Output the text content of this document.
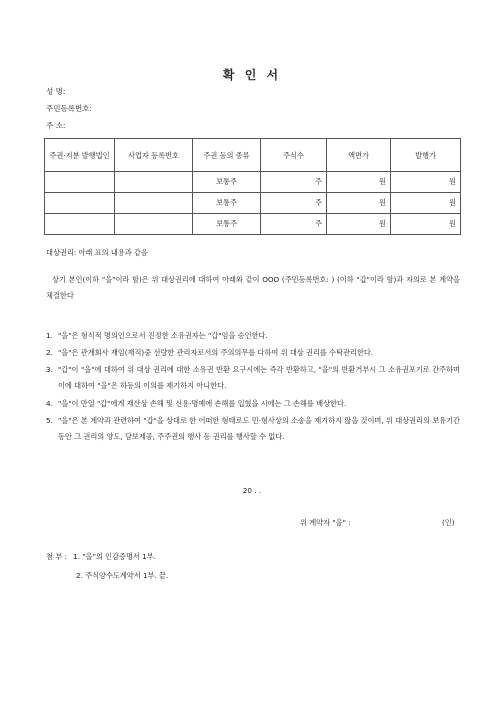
확 인 서
성 명:
주민등록번호:
주 소:
주권·지분 발행법인	사업자 등록번호	주권 등의 종류	주식수	액면가	발행가
		보통주	주	원	원
		보통주	주	원	원
		보통주	주	원	원
대상권리: 아래 표의 내용과 같음
상기 본인(이하 "을"이라 함)은 위 대상권리에 대하여 아래와 같이 OOO (주민등록번호: ) (이하 "갑"이라 함)과 자의로 본 계약을 체결한다
1. "을"은 형식적 명의인으로서 진정한 소유권자는 "갑"임을 승인한다.
2. "을"은 관계회사 재임(재직)중 선량한 관리자로서의 주의의무를 다하여 위 대상 권리를 수탁관리한다.
3. "갑"이 "을"에 대하여 위 대상 권리에 대한 소유권 반환 요구시에는 즉각 반환하고, "을"의 반환거부시 그 소유권포기로 간주하며 이에 대하여 "을"은 하등의 이의를 제기하지 아니한다.
4. "을"이 만일 "갑"에게 재산상 손해 및 신용·명예에 손해를 입혔을 시에는 그 손해를 배상한다.
5. "을"은 본 계약과 관련하여 "갑"을 상대로 한 어떠한 형태로도 민·형사상의 소송을 제기하지 않을 것이며, 위 대상권리의 보유기간 동안 그 권리의 양도, 담보제공, 주주권의 행사 등 권리를 행사할 수 없다.
20 . .
위 계약자 "을" :	(인)
첨 부 : 1. "을"의 인감증명서 1부.
2. 주식양수도계약서 1부. 끝.
